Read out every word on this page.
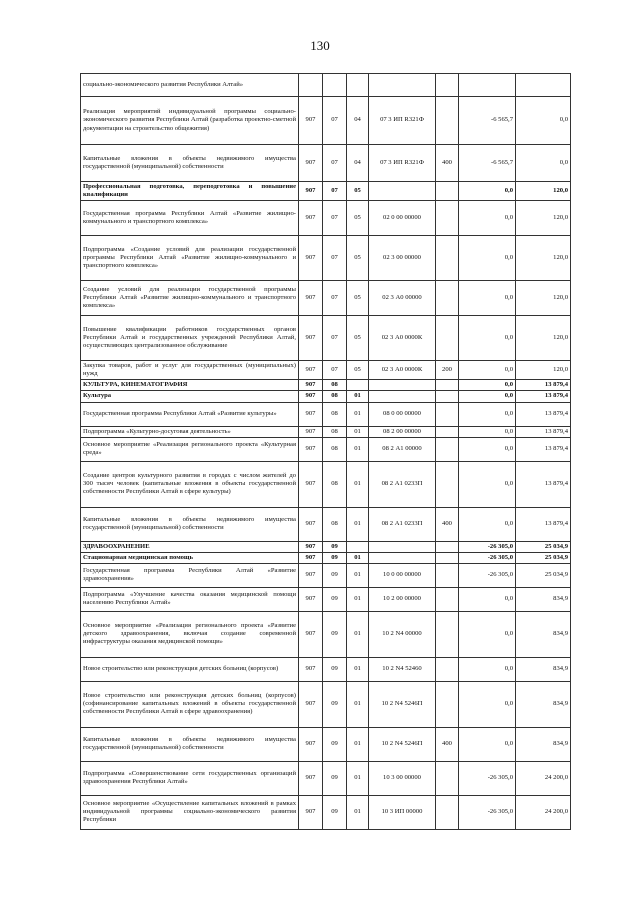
130
социально-экономического развития Республики Алтай»							
Реализация мероприятий индивидуальной программы социально-экономического развития Республики Алтай (разработка проектно-сметной документации на строительство общежития)	907	07	04	07 3 ИП R321Ф		-6 565,7	0,0
Капитальные вложения в объекты недвижимого имущества государственной (муниципальной) собственности	907	07	04	07 3 ИП R321Ф	400	-6 565,7	0,0
Профессиональная подготовка, переподготовка и повышение квалификации	907	07	05			0,0	120,0
Государственная программа Республики Алтай «Развитие жилищно-коммунального и транспортного комплекса»	907	07	05	02 0 00 00000		0,0	120,0
Подпрограмма «Создание условий для реализации государственной программы Республики Алтай «Развитие жилищно-коммунального и транспортного комплекса»	907	07	05	02 3 00 00000		0,0	120,0
Создание условий для реализации государственной программы Республики Алтай «Развитие жилищно-коммунального и транспортного комплекса»	907	07	05	02 3 А0 00000		0,0	120,0
Повышение квалификации работников государственных органов Республики Алтай и государственных учреждений Республики Алтай, осуществляющих централизованное обслуживание	907	07	05	02 3 А0 0000К		0,0	120,0
Закупка товаров, работ и услуг для государственных (муниципальных) нужд	907	07	05	02 3 А0 0000К	200	0,0	120,0
КУЛЬТУРА, КИНЕМАТОГРАФИЯ	907	08				0,0	13 879,4
Культура	907	08	01			0,0	13 879,4
Государственная программа Республики Алтай «Развитие культуры»	907	08	01	08 0 00 00000		0,0	13 879,4
Подпрограмма «Культурно-досуговая деятельность»	907	08	01	08 2 00 00000		0,0	13 879,4
Основное мероприятие «Реализация регионального проекта «Культурная среда»	907	08	01	08 2 А1 00000		0,0	13 879,4
Создание центров культурного развития в городах с числом жителей до 300 тысяч человек (капитальные вложения в объекты государственной собственности Республики Алтай в сфере культуры)	907	08	01	08 2 А1 0233П		0,0	13 879,4
Капитальные вложения в объекты недвижимого имущества государственной (муниципальной) собственности	907	08	01	08 2 А1 0233П	400	0,0	13 879,4
ЗДРАВООХРАНЕНИЕ	907	09				-26 305,0	25 034,9
Стационарная медицинская помощь	907	09	01			-26 305,0	25 034,9
Государственная программа Республики Алтай «Развитие здравоохранения»	907	09	01	10 0 00 00000		-26 305,0	25 034,9
Подпрограмма «Улучшение качества оказания медицинской помощи населению Республики Алтай»	907	09	01	10 2 00 00000		0,0	834,9
Основное мероприятие «Реализация регионального проекта «Развитие детского здравоохранения, включая создание современной инфраструктуры оказания медицинской помощи»	907	09	01	10 2 N4 00000		0,0	834,9
Новое строительство или реконструкция детских больниц (корпусов)	907	09	01	10 2 N4 52460		0,0	834,9
Новое строительство или реконструкция детских больниц (корпусов) (софинансирование капитальных вложений в объекты государственной собственности Республики Алтай в сфере здравоохранения)	907	09	01	10 2 N4 5246П		0,0	834,9
Капитальные вложения в объекты недвижимого имущества государственной (муниципальной) собственности	907	09	01	10 2 N4 5246П	400	0,0	834,9
Подпрограмма «Совершенствование сети государственных организаций здравоохранения Республики Алтай»	907	09	01	10 3 00 00000		-26 305,0	24 200,0
Основное мероприятие «Осуществление капитальных вложений в рамках индивидуальной программы социально-экономического развития Республики	907	09	01	10 3 ИП 00000		-26 305,0	24 200,0
